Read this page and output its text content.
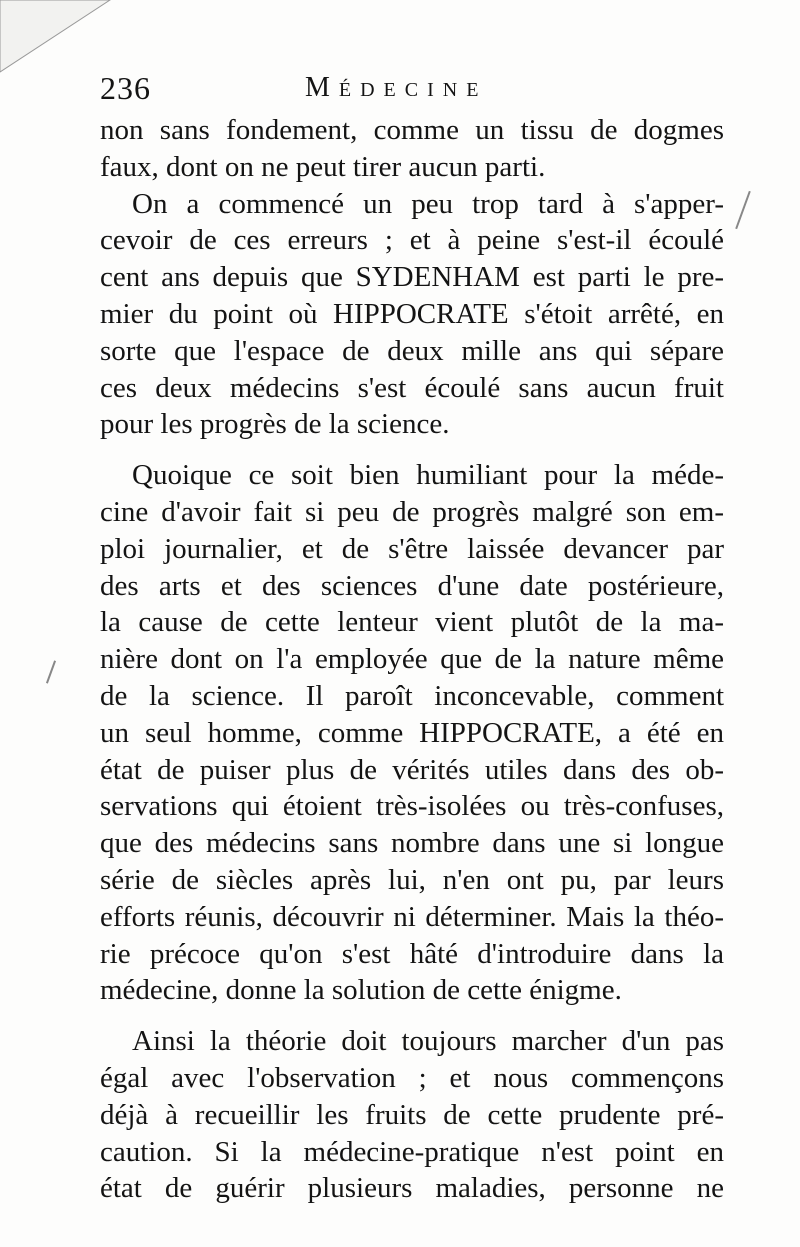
236	Médecine
non sans fondement, comme un tissu de dogmes
faux, dont on ne peut tirer aucun parti.
On a commencé un peu trop tard à s'apper-
cevoir de ces erreurs ; et à peine s'est-il écoulé
cent ans depuis que SYDENHAM est parti le pre-
mier du point où HIPPOCRATE s'étoit arrêté, en
sorte que l'espace de deux mille ans qui sépare
ces deux médecins s'est écoulé sans aucun fruit
pour les progrès de la science.
Quoique ce soit bien humiliant pour la méde-
cine d'avoir fait si peu de progrès malgré son em-
ploi journalier, et de s'être laissée devancer par
des arts et des sciences d'une date postérieure,
la cause de cette lenteur vient plutôt de la ma-
nière dont on l'a employée que de la nature même
de la science. Il paroît inconcevable, comment
un seul homme, comme HIPPOCRATE, a été en
état de puiser plus de vérités utiles dans des ob-
servations qui étoient très-isolées ou très-confuses,
que des médecins sans nombre dans une si longue
série de siècles après lui, n'en ont pu, par leurs
efforts réunis, découvrir ni déterminer. Mais la théo-
rie précoce qu'on s'est hâté d'introduire dans la
médecine, donne la solution de cette énigme.
Ainsi la théorie doit toujours marcher d'un pas
égal avec l'observation ; et nous commençons
déjà à recueillir les fruits de cette prudente pré-
caution. Si la médecine-pratique n'est point en
état de guérir plusieurs maladies, personne ne
